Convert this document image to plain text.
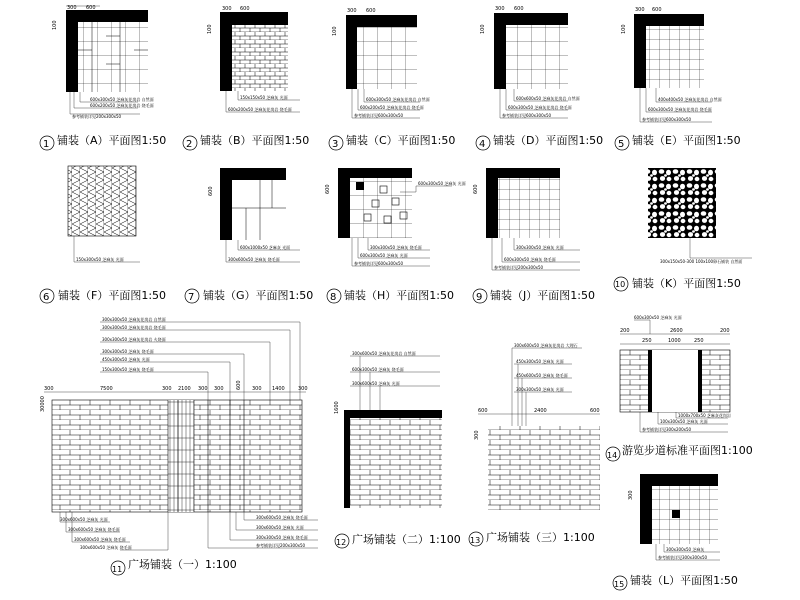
300 600
100
600x300x50 芝麻灰花岗岩 自然面
600x200x50 芝麻灰花岗岩 烧毛面
参考铺装详见200x300x50
1 铺装（A）平面图1:50
300 600
100
150x150x50 芝麻灰 光面
600x200x50 芝麻灰花岗岩 烧毛面
2 铺装（B）平面图1:50
300 600
100
600x300x50 芝麻灰花岗岩 自然面
600x200x50 芝麻灰花岗岩 烧毛面
参考铺装详见600x300x50
3 铺装（C）平面图1:50
300 600
100
600x600x50 芝麻灰花岗岩 自然面
600x300x50 芝麻灰花岗岩 烧毛面
参考铺装详见600x300x50
4 铺装（D）平面图1:50
300 600
100
400x400x50 芝麻灰花岗岩 自然面
600x300x50 芝麻灰花岗岩 烧毛面
参考铺装详见600x300x50
5 铺装（E）平面图1:50
150x300x50 芝麻灰 光面
6 铺装（F）平面图1:50
600
600x1000x50 芝麻灰 光面
300x600x50 芝麻灰 烧毛面
7 铺装（G）平面图1:50
600
600x300x50 芝麻灰 光面
300x300x50 芝麻灰 烧毛面
600x300x50 芝麻灰 光面
参考铺装详见600x300x50
8 铺装（H）平面图1:50
600
300x300x50 芝麻灰 光面
600x300x50 芝麻灰 烧毛面
参考铺装详见200x300x50
9 铺装（J）平面图1:50
300x150x50-300 100x100卵石铺装 自然面
10 铺装（K）平面图1:50
300	7500	300 2100 300 300 600 300 1400	300
30000
300x300x50 芝麻灰花岗岩 自然面
300x300x50 芝麻灰花岗岩 烧毛面
300x300x50 芝麻灰花岗岩 火烧面
300x300x50 芝麻灰 烧毛面
450x300x50 芝麻灰 光面
150x300x50 芝麻灰 烧毛面
300x600x50 芝麻灰 光面
300x600x50 芝麻灰 烧毛面
300x600x50 芝麻灰 烧毛面
300x600x50 芝麻灰 烧毛面
300x600x50 芝麻灰 烧毛面
300x600x50 芝麻灰 光面
300x300x50 芝麻灰 烧毛面
参考铺装详见200x300x50
11 广场铺装（一）1:100
1600
300x600x50 芝麻灰花岗岩 自然面
600x300x50 芝麻灰 烧毛面
300x600x50 芝麻灰 光面
12 广场铺装（二）1:100
600	2400	600
300
300x600x50 芝麻灰花岗岩 大理石
450x300x50 芝麻灰 光面
450x600x50 芝麻灰 烧毛面
300x300x50 芝麻灰 光面
13 广场铺装（三）1:100
200	2600	200
250	1000	250
600x300x50 芝麻灰 光面
1000x700x50 芝麻灰花岗岩
100x300x50 芝麻灰 光面
参考铺装详见300x200x50
14 游览步道标准平面图1:100
300
300x300x50 芝麻灰
参考铺装详见300x300x50
15 铺装（L）平面图1:50
